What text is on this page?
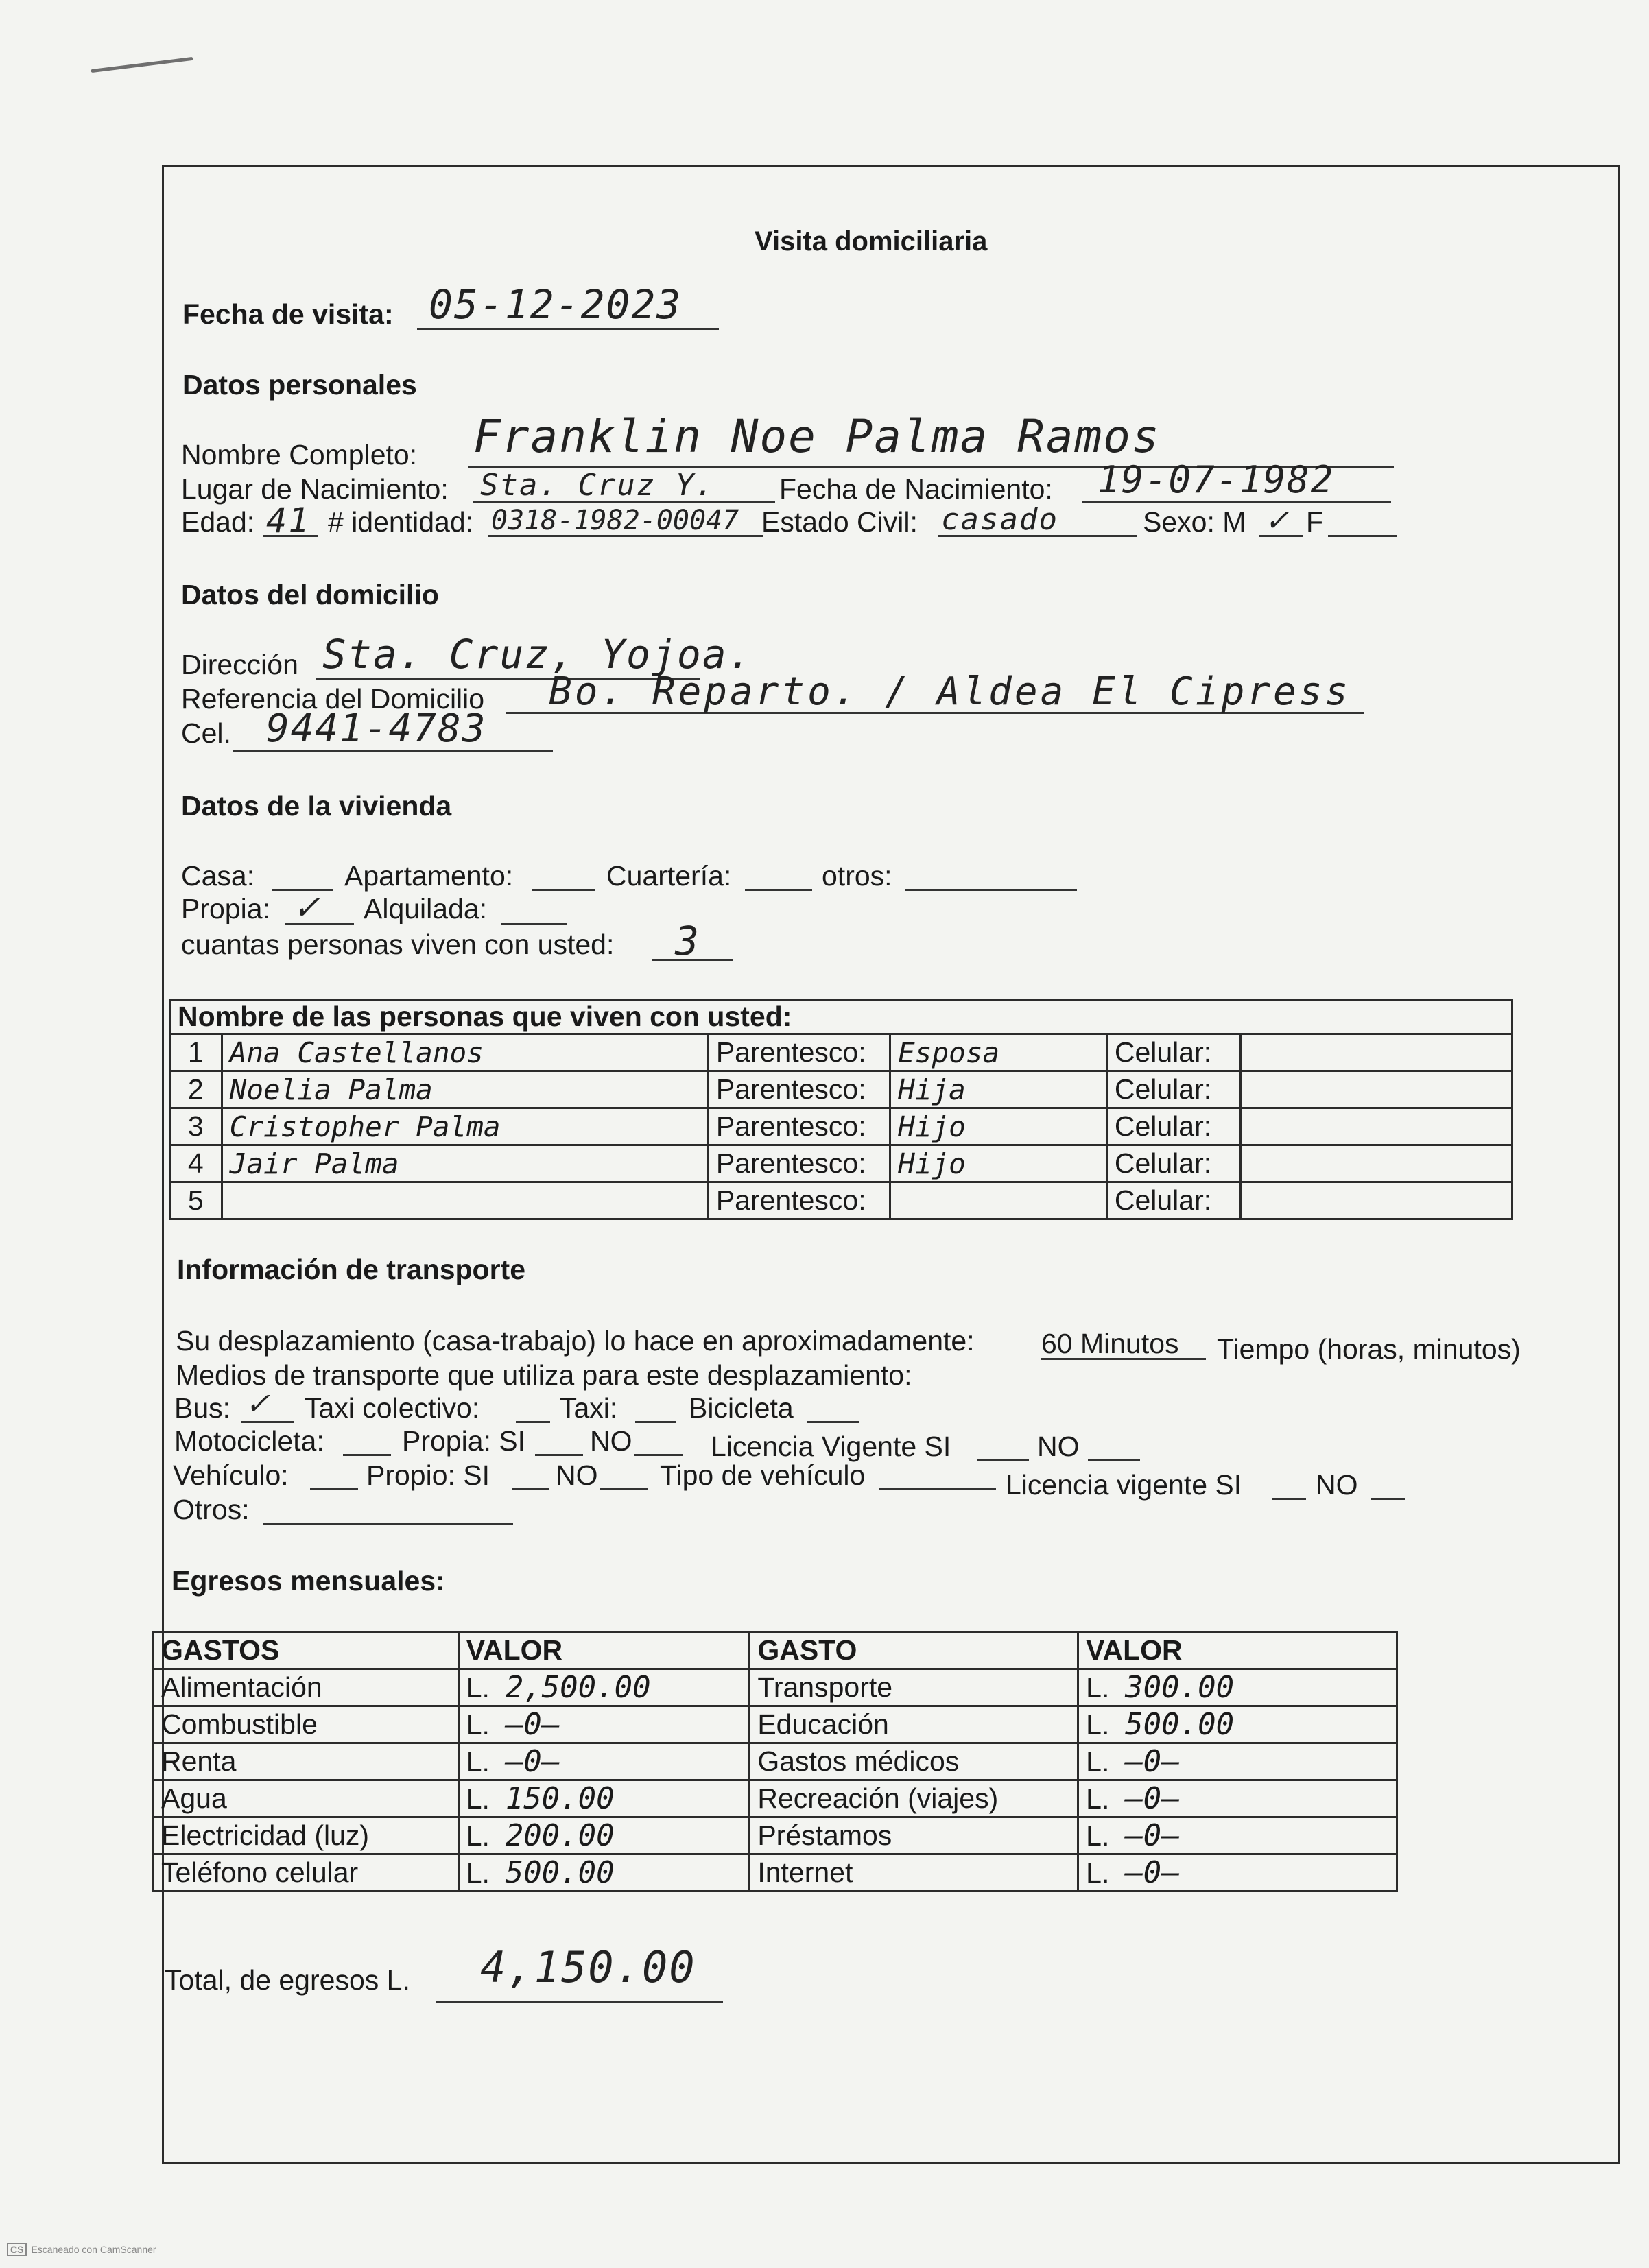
Visita domiciliaria
Fecha de visita: 05-12-2023
Datos personales
Nombre Completo: Franklin Noe Palma Ramos
Lugar de Nacimiento: Sta. Cruz Y. Fecha de Nacimiento: 19-07-1982
Edad: 41 # identidad: 0318-1982-00047 Estado Civil: casado	Sexo: M ✓ F
Datos del domicilio
Dirección Sta. Cruz, Yojoa.
Referencia del Domicilio Bo. Reparto. / Aldea El Cipress
Cel. 9441-4783
Datos de la vivienda
Casa:	Apartamento:	Cuartería:	otros:
Propia: ✓ Alquilada:
cuantas personas viven con usted: 3
Nombre de las personas que viven con usted:					
1	Ana Castellanos	Parentesco:	Esposa	Celular:	
2	Noelia Palma	Parentesco:	Hija	Celular:	
3	Cristopher Palma	Parentesco:	Hijo	Celular:	
4	Jair Palma	Parentesco:	Hijo	Celular:	
5		Parentesco:		Celular:	
Información de transporte
Su desplazamiento (casa-trabajo) lo hace en aproximadamente: 60 Minutos Tiempo (horas, minutos)
Medios de transporte que utiliza para este desplazamiento:
Bus: ✓ Taxi colectivo:	Taxi:	Bicicleta
Motocicleta:	Propia: SI NO	Licencia Vigente SI	NO
Vehículo:	Propio: SI NO Tipo de vehículo	Licencia vigente SI	NO
Otros:
Egresos mensuales:
GASTOS	VALOR	GASTO	VALOR
Alimentación	L. 2,500.00	Transporte	L. 300.00
Combustible	L. —0—	Educación	L. 500.00
Renta	L. —0—	Gastos médicos	L. —0—
Agua	L. 150.00	Recreación (viajes)	L. —0—
Electricidad (luz)	L. 200.00	Préstamos	L. —0—
Teléfono celular	L. 500.00	Internet	L. —0—
Total, de egresos L. 4,150.00
CS Escaneado con CamScanner
